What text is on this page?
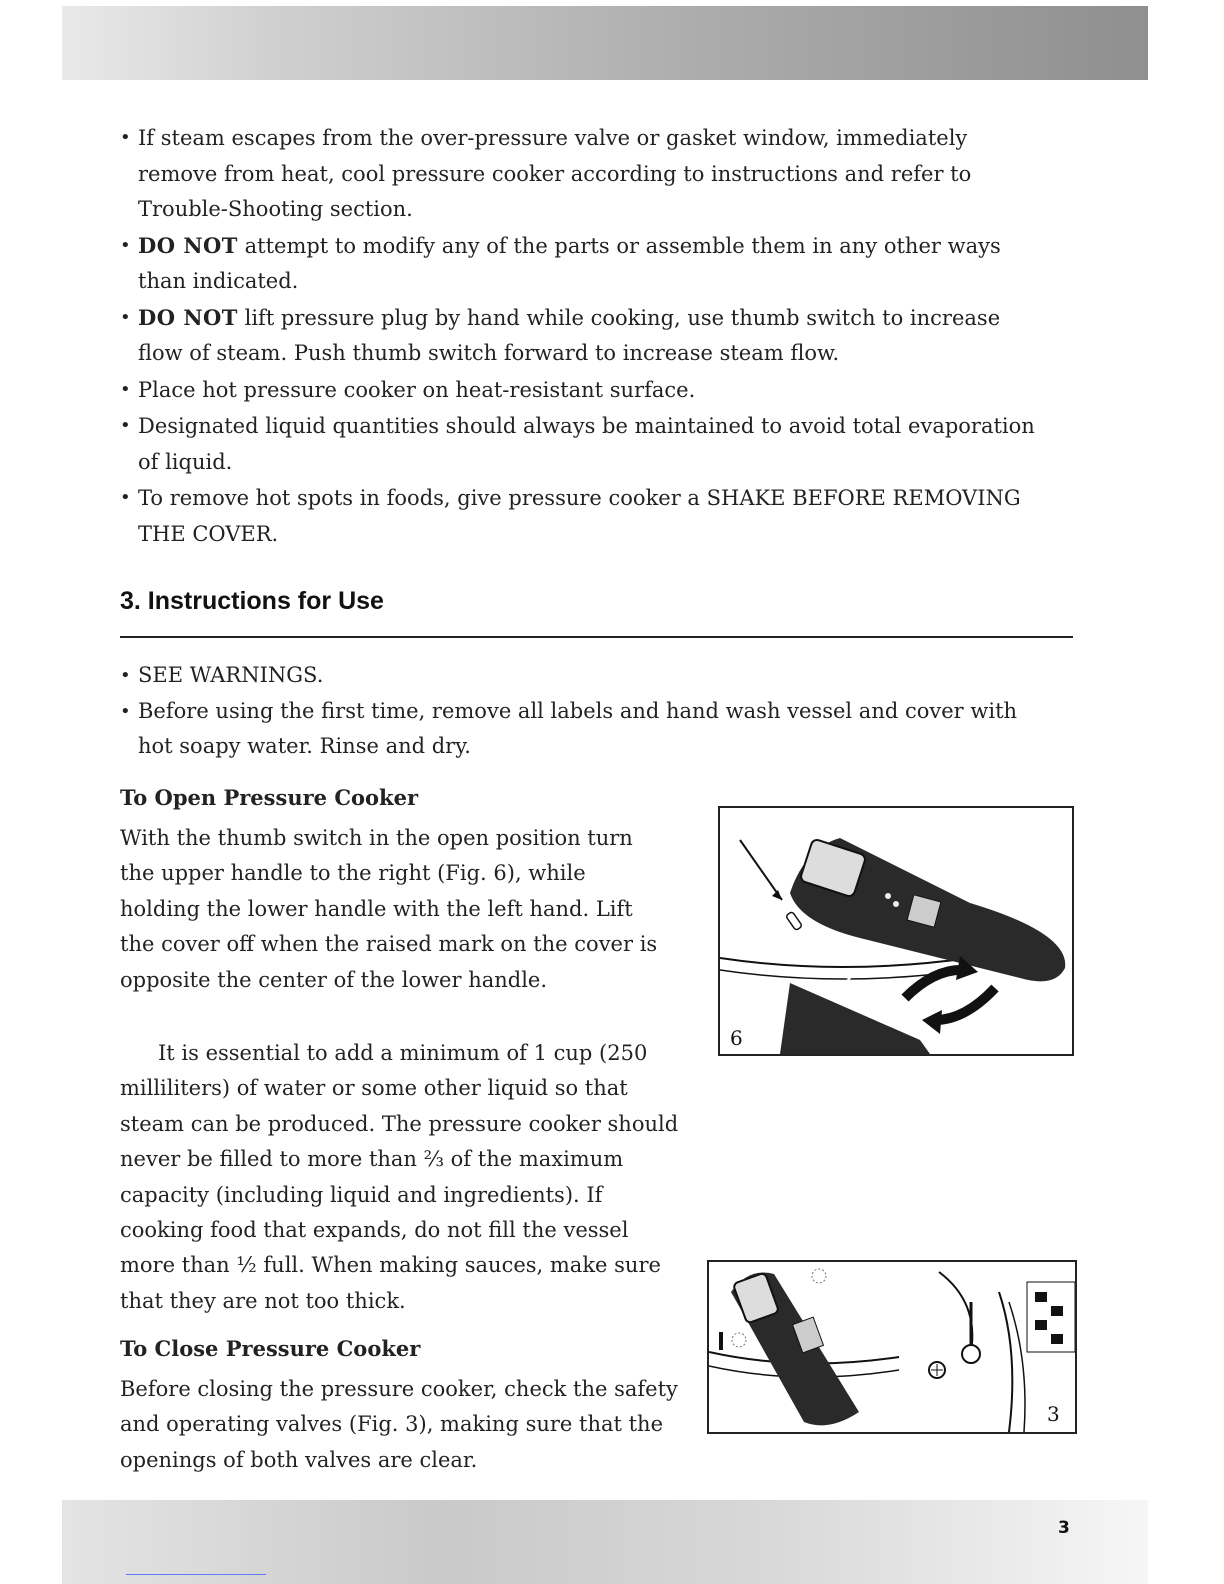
• If steam escapes from the over-pressure valve or gasket window, immediately remove from heat, cool pressure cooker according to instructions and refer to Trouble-Shooting section.
• DO NOT attempt to modify any of the parts or assemble them in any other ways than indicated.
• DO NOT lift pressure plug by hand while cooking, use thumb switch to increase flow of steam. Push thumb switch forward to increase steam flow.
• Place hot pressure cooker on heat-resistant surface.
• Designated liquid quantities should always be maintained to avoid total evaporation of liquid.
• To remove hot spots in foods, give pressure cooker a SHAKE BEFORE REMOVING THE COVER.
3. Instructions for Use
• SEE WARNINGS.
• Before using the first time, remove all labels and hand wash vessel and cover with hot soapy water. Rinse and dry.
To Open Pressure Cooker

With the thumb switch in the open position turn the upper handle to the right (Fig. 6), while holding the lower handle with the left hand. Lift the cover off when the raised mark on the cover is opposite the center of the lower handle.

It is essential to add a minimum of 1 cup (250 milliliters) of water or some other liquid so that steam can be produced. The pressure cooker should never be filled to more than ⅔ of the maximum capacity (including liquid and ingredients). If cooking food that expands, do not fill the vessel more than ½ full. When making sauces, make sure that they are not too thick.

To Close Pressure Cooker

Before closing the pressure cooker, check the safety and operating valves (Fig. 3), making sure that the openings of both valves are clear.

6
3
3
